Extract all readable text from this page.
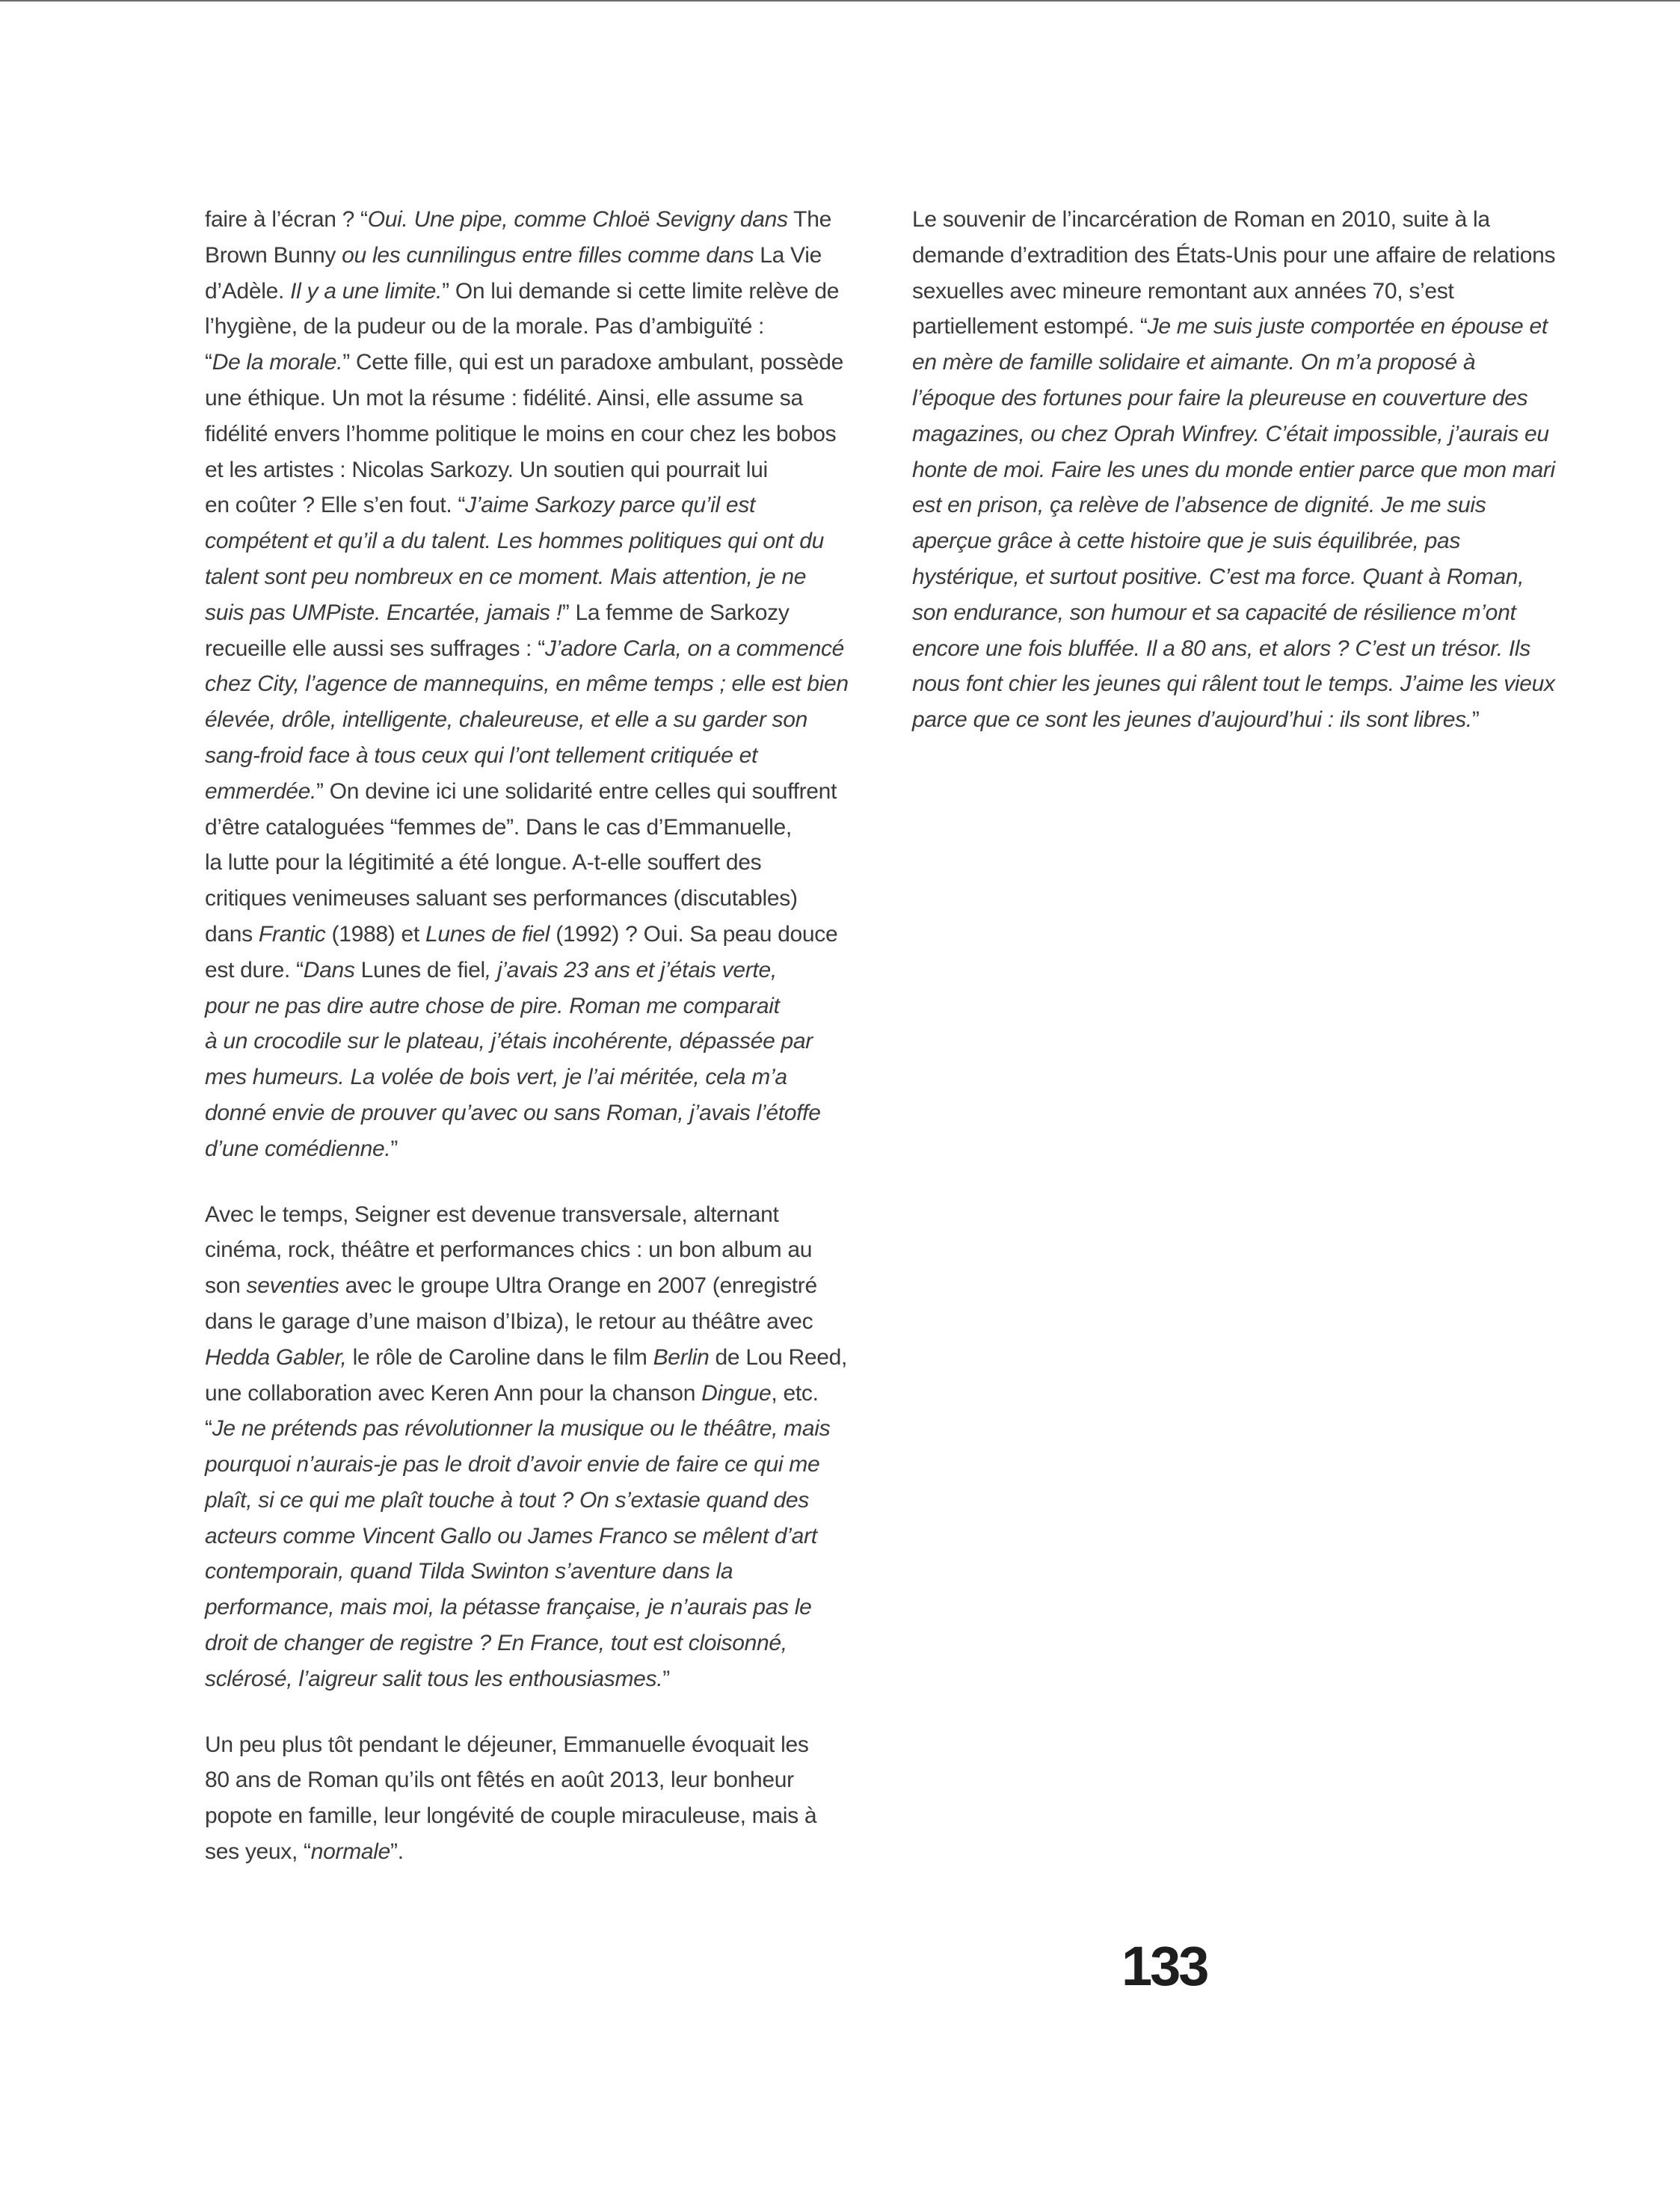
faire à l’écran ? “Oui. Une pipe, comme Chloë Sevigny dans The
Brown Bunny ou les cunnilingus entre filles comme dans La Vie
d’Adèle. Il y a une limite.” On lui demande si cette limite relève de
l’hygiène, de la pudeur ou de la morale. Pas d’ambiguïté :
“De la morale.” Cette fille, qui est un paradoxe ambulant, possède
une éthique. Un mot la résume : fidélité. Ainsi, elle assume sa
fidélité envers l’homme politique le moins en cour chez les bobos
et les artistes : Nicolas Sarkozy. Un soutien qui pourrait lui
en coûter ? Elle s’en fout. “J’aime Sarkozy parce qu’il est
compétent et qu’il a du talent. Les hommes politiques qui ont du
talent sont peu nombreux en ce moment. Mais attention, je ne
suis pas UMPiste. Encartée, jamais !” La femme de Sarkozy
recueille elle aussi ses suffrages : “J’adore Carla, on a commencé
chez City, l’agence de mannequins, en même temps ; elle est bien
élevée, drôle, intelligente, chaleureuse, et elle a su garder son
sang-froid face à tous ceux qui l’ont tellement critiquée et
emmerdée.” On devine ici une solidarité entre celles qui souffrent
d’être cataloguées “femmes de”. Dans le cas d’Emmanuelle,
la lutte pour la légitimité a été longue. A-t-elle souffert des
critiques venimeuses saluant ses performances (discutables)
dans Frantic (1988) et Lunes de fiel (1992) ? Oui. Sa peau douce
est dure. “Dans Lunes de fiel, j’avais 23 ans et j’étais verte,
pour ne pas dire autre chose de pire. Roman me comparait
à un crocodile sur le plateau, j’étais incohérente, dépassée par
mes humeurs. La volée de bois vert, je l’ai méritée, cela m’a
donné envie de prouver qu’avec ou sans Roman, j’avais l’étoffe
d’une comédienne.”
Avec le temps, Seigner est devenue transversale, alternant
cinéma, rock, théâtre et performances chics : un bon album au
son seventies avec le groupe Ultra Orange en 2007 (enregistré
dans le garage d’une maison d’Ibiza), le retour au théâtre avec
Hedda Gabler, le rôle de Caroline dans le film Berlin de Lou Reed,
une collaboration avec Keren Ann pour la chanson Dingue, etc.
“Je ne prétends pas révolutionner la musique ou le théâtre, mais
pourquoi n’aurais-je pas le droit d’avoir envie de faire ce qui me
plaît, si ce qui me plaît touche à tout ? On s’extasie quand des
acteurs comme Vincent Gallo ou James Franco se mêlent d’art
contemporain, quand Tilda Swinton s’aventure dans la
performance, mais moi, la pétasse française, je n’aurais pas le
droit de changer de registre ? En France, tout est cloisonné,
sclérosé, l’aigreur salit tous les enthousiasmes.”
Un peu plus tôt pendant le déjeuner, Emmanuelle évoquait les
80 ans de Roman qu’ils ont fêtés en août 2013, leur bonheur
popote en famille, leur longévité de couple miraculeuse, mais à
ses yeux, “normale”.
Le souvenir de l’incarcération de Roman en 2010, suite à la
demande d’extradition des États-Unis pour une affaire de relations
sexuelles avec mineure remontant aux années 70, s’est
partiellement estompé. “Je me suis juste comportée en épouse et
en mère de famille solidaire et aimante. On m’a proposé à
l’époque des fortunes pour faire la pleureuse en couverture des
magazines, ou chez Oprah Winfrey. C’était impossible, j’aurais eu
honte de moi. Faire les unes du monde entier parce que mon mari
est en prison, ça relève de l’absence de dignité. Je me suis
aperçue grâce à cette histoire que je suis équilibrée, pas
hystérique, et surtout positive. C’est ma force. Quant à Roman,
son endurance, son humour et sa capacité de résilience m’ont
encore une fois bluffée. Il a 80 ans, et alors ? C’est un trésor. Ils
nous font chier les jeunes qui râlent tout le temps. J’aime les vieux
parce que ce sont les jeunes d’aujourd’hui : ils sont libres.”
133
